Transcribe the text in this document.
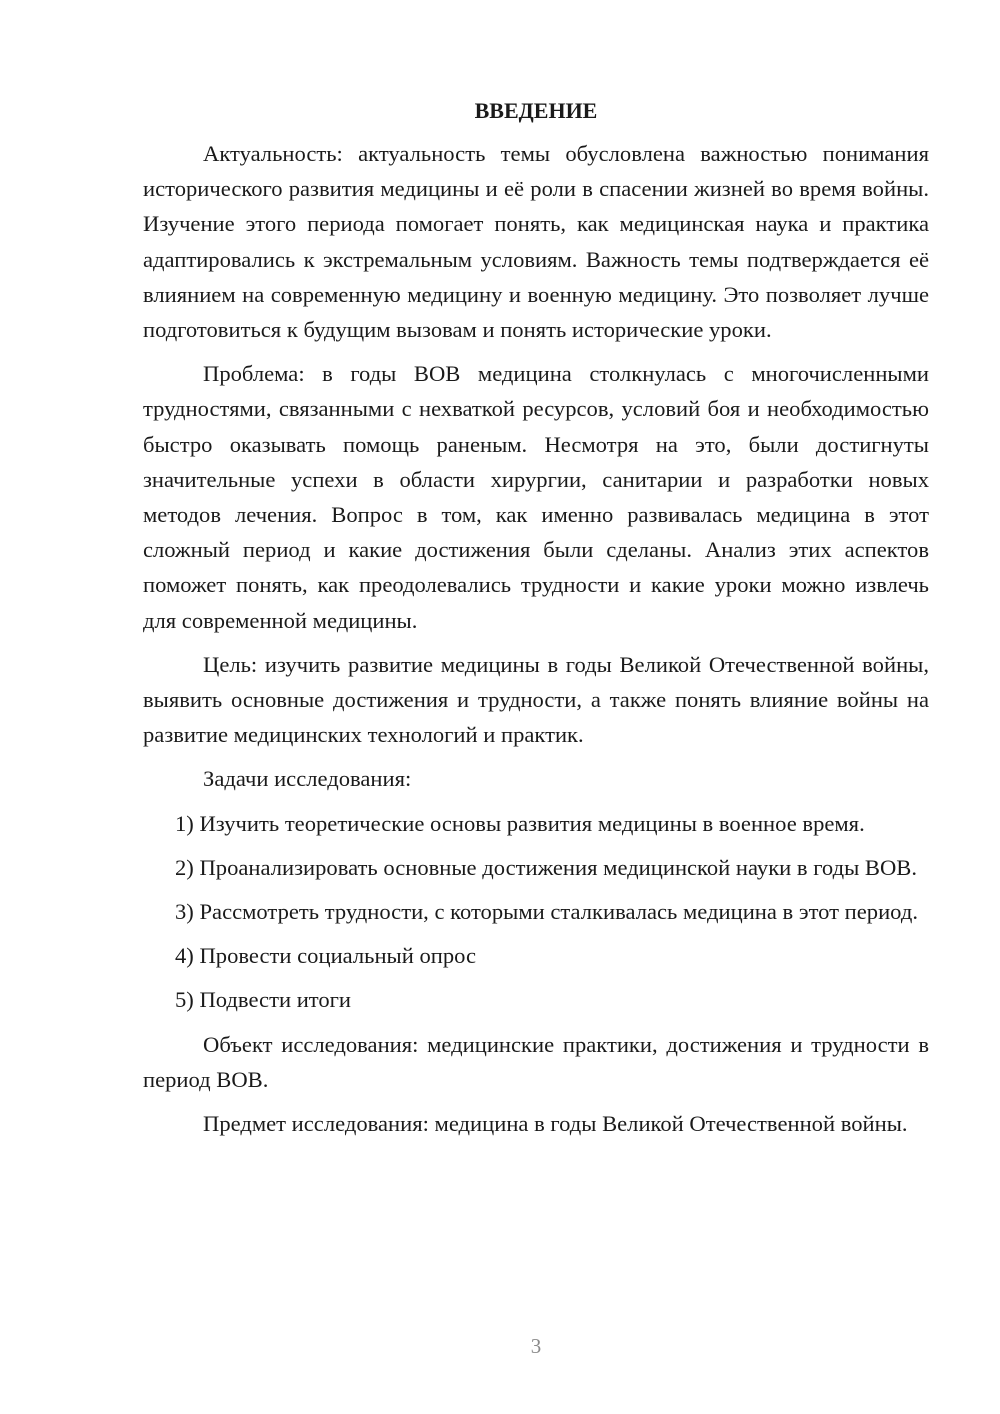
ВВЕДЕНИЕ

Актуальность: актуальность темы обусловлена важностью понимания исторического развития медицины и её роли в спасении жизней во время войны. Изучение этого периода помогает понять, как медицинская наука и практика адаптировались к экстремальным условиям. Важность темы подтверждается её влиянием на современную медицину и военную медицину. Это позволяет лучше подготовиться к будущим вызовам и понять исторические уроки.

Проблема: в годы ВОВ медицина столкнулась с многочисленными трудностями, связанными с нехваткой ресурсов, условий боя и необходимостью быстро оказывать помощь раненым. Несмотря на это, были достигнуты значительные успехи в области хирургии, санитарии и разработки новых методов лечения. Вопрос в том, как именно развивалась медицина в этот сложный период и какие достижения были сделаны. Анализ этих аспектов поможет понять, как преодолевались трудности и какие уроки можно извлечь для современной медицины.

Цель: изучить развитие медицины в годы Великой Отечественной войны, выявить основные достижения и трудности, а также понять влияние войны на развитие медицинских технологий и практик.

Задачи исследования:

1) Изучить теоретические основы развития медицины в военное время.

2) Проанализировать основные достижения медицинской науки в годы ВОВ.

3) Рассмотреть трудности, с которыми сталкивалась медицина в этот период.

4) Провести социальный опрос

5) Подвести итоги

Объект исследования: медицинские практики, достижения и трудности в период ВОВ.

Предмет исследования: медицина в годы Великой Отечественной войны.

3
